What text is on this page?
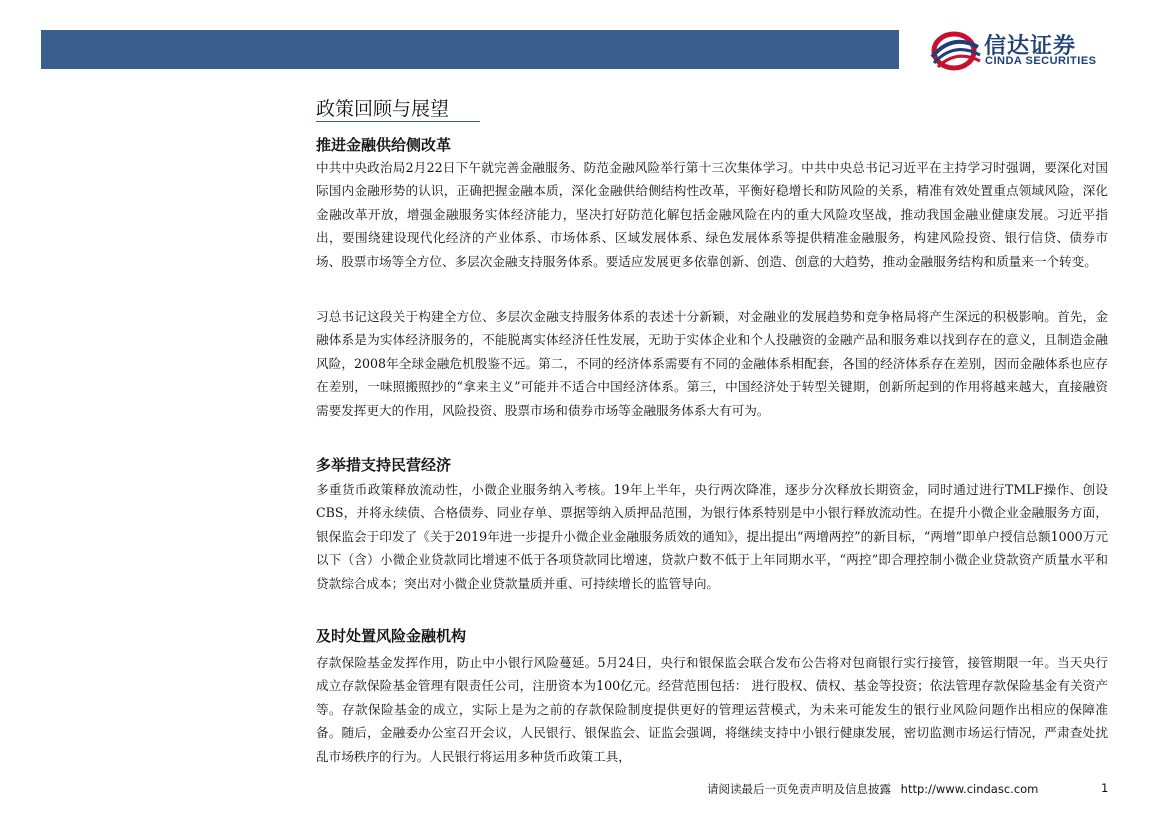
信达证券
CINDA SECURITIES
政策回顾与展望
推进金融供给侧改革
中共中央政治局2月22日下午就完善金融服务、防范金融风险举行第十三次集体学习。中共中央总书记习近平在主持学习时强调，要深化对国际国内金融形势的认识，正确把握金融本质，深化金融供给侧结构性改革，平衡好稳增长和防风险的关系，精准有效处置重点领域风险，深化金融改革开放，增强金融服务实体经济能力，坚决打好防范化解包括金融风险在内的重大风险攻坚战，推动我国金融业健康发展。习近平指出，要围绕建设现代化经济的产业体系、市场体系、区域发展体系、绿色发展体系等提供精准金融服务，构建风险投资、银行信贷、债券市场、股票市场等全方位、多层次金融支持服务体系。要适应发展更多依靠创新、创造、创意的大趋势，推动金融服务结构和质量来一个转变。
习总书记这段关于构建全方位、多层次金融支持服务体系的表述十分新颖，对金融业的发展趋势和竞争格局将产生深远的积极影响。首先，金融体系是为实体经济服务的，不能脱离实体经济任性发展，无助于实体企业和个人投融资的金融产品和服务难以找到存在的意义，且制造金融风险，2008年全球金融危机殷鉴不远。第二，不同的经济体系需要有不同的金融体系相配套，各国的经济体系存在差别，因而金融体系也应存在差别，一味照搬照抄的“拿来主义”可能并不适合中国经济体系。第三，中国经济处于转型关键期，创新所起到的作用将越来越大，直接融资需要发挥更大的作用，风险投资、股票市场和债券市场等金融服务体系大有可为。
多举措支持民营经济
多重货币政策释放流动性，小微企业服务纳入考核。19年上半年，央行两次降准，逐步分次释放长期资金，同时通过进行TMLF操作、创设CBS，并将永续债、合格债券、同业存单、票据等纳入质押品范围，为银行体系特别是中小银行释放流动性。在提升小微企业金融服务方面，银保监会于印发了《关于2019年进一步提升小微企业金融服务质效的通知》，提出提出“两增两控”的新目标，“两增”即单户授信总额1000万元以下（含）小微企业贷款同比增速不低于各项贷款同比增速，贷款户数不低于上年同期水平，“两控”即合理控制小微企业贷款资产质量水平和贷款综合成本；突出对小微企业贷款量质并重、可持续增长的监管导向。
及时处置风险金融机构
存款保险基金发挥作用，防止中小银行风险蔓延。5月24日，央行和银保监会联合发布公告将对包商银行实行接管，接管期限一年。当天央行成立存款保险基金管理有限责任公司，注册资本为100亿元。经营范围包括： 进行股权、债权、基金等投资；依法管理存款保险基金有关资产等。存款保险基金的成立，实际上是为之前的存款保险制度提供更好的管理运营模式，为未来可能发生的银行业风险问题作出相应的保障准备。随后，金融委办公室召开会议，人民银行、银保监会、证监会强调，将继续支持中小银行健康发展，密切监测市场运行情况，严肃查处扰乱市场秩序的行为。人民银行将运用多种货币政策工具，
请阅读最后一页免责声明及信息披露 http://www.cindasc.com	1
